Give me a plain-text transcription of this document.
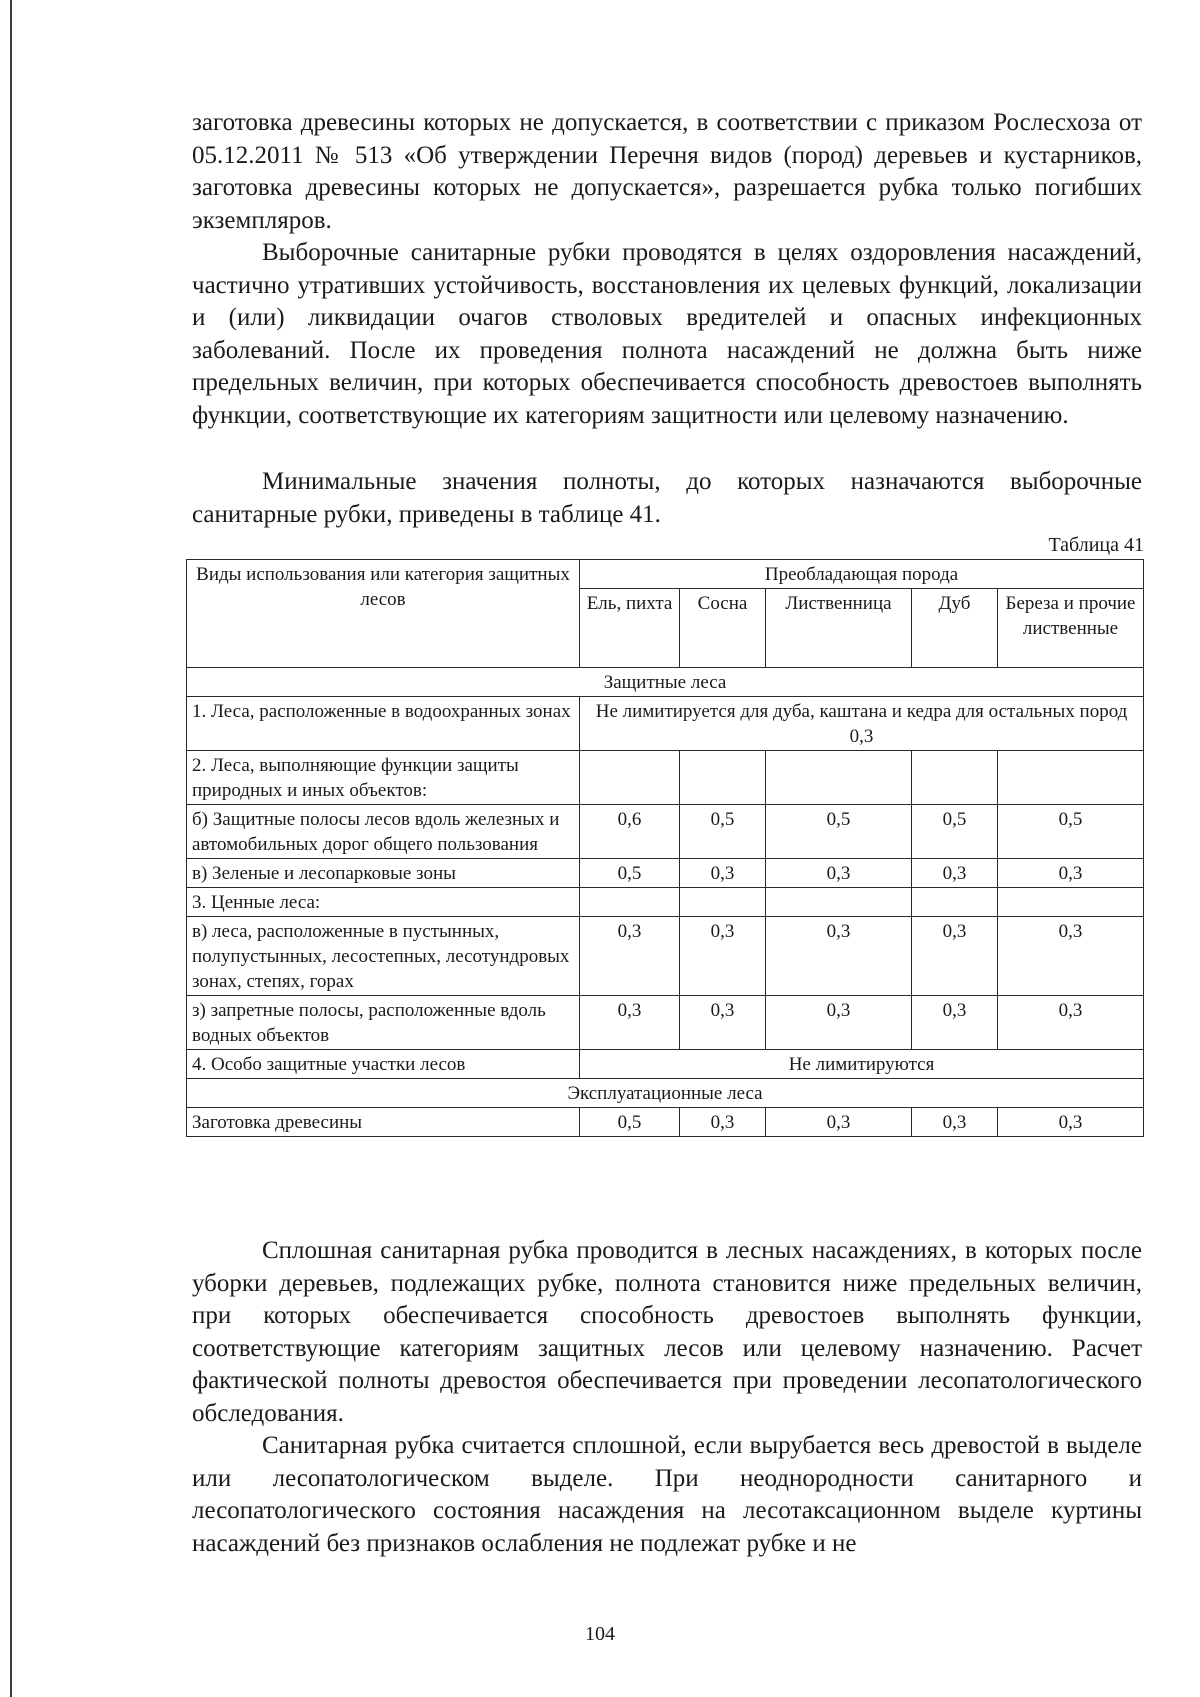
заготовка древесины которых не допускается, в соответствии с приказом Рослесхоза от 05.12.2011 № 513 «Об утверждении Перечня видов (пород) деревьев и кустарников, заготовка древесины которых не допускается», разрешается рубка только погибших экземпляров.

Выборочные санитарные рубки проводятся в целях оздоровления насаждений, частично утративших устойчивость, восстановления их целевых функций, локализации и (или) ликвидации очагов стволовых вредителей и опасных инфекционных заболеваний. После их проведения полнота насаждений не должна быть ниже предельных величин, при которых обеспечивается способность древостоев выполнять функции, соответствующие их категориям защитности или целевому назначению.

Минимальные значения полноты, до которых назначаются выборочные санитарные рубки, приведены в таблице 41.

Таблица 41

Виды использования или категория защитных лесов	Преобладающая порода				
	Ель, пихта	Сосна	Лиственница	Дуб	Береза и прочие лиственные
Защитные леса					
1. Леса, расположенные в водоохранных зонах	Не лимитируется для дуба, каштана и кедра для остальных пород 0,3				
2. Леса, выполняющие функции защиты природных и иных объектов:					
б) Защитные полосы лесов вдоль железных и автомобильных дорог общего пользования	0,6	0,5	0,5	0,5	0,5
в) Зеленые и лесопарковые зоны	0,5	0,3	0,3	0,3	0,3
3. Ценные леса:					
в) леса, расположенные в пустынных, полупустынных, лесостепных, лесотундровых зонах, степях, горах	0,3	0,3	0,3	0,3	0,3
з) запретные полосы, расположенные вдоль водных объектов	0,3	0,3	0,3	0,3	0,3
4. Особо защитные участки лесов	Не лимитируются				
Эксплуатационные леса					
Заготовка древесины	0,5	0,3	0,3	0,3	0,3

Сплошная санитарная рубка проводится в лесных насаждениях, в которых после уборки деревьев, подлежащих рубке, полнота становится ниже предельных величин, при которых обеспечивается способность древостоев выполнять функции, соответствующие категориям защитных лесов или целевому назначению. Расчет фактической полноты древостоя обеспечивается при проведении лесопатологического обследования.

Санитарная рубка считается сплошной, если вырубается весь древостой в выделе или лесопатологическом выделе. При неоднородности санитарного и лесопатологического состояния насаждения на лесотаксационном выделе куртины насаждений без признаков ослабления не подлежат рубке и не

104
